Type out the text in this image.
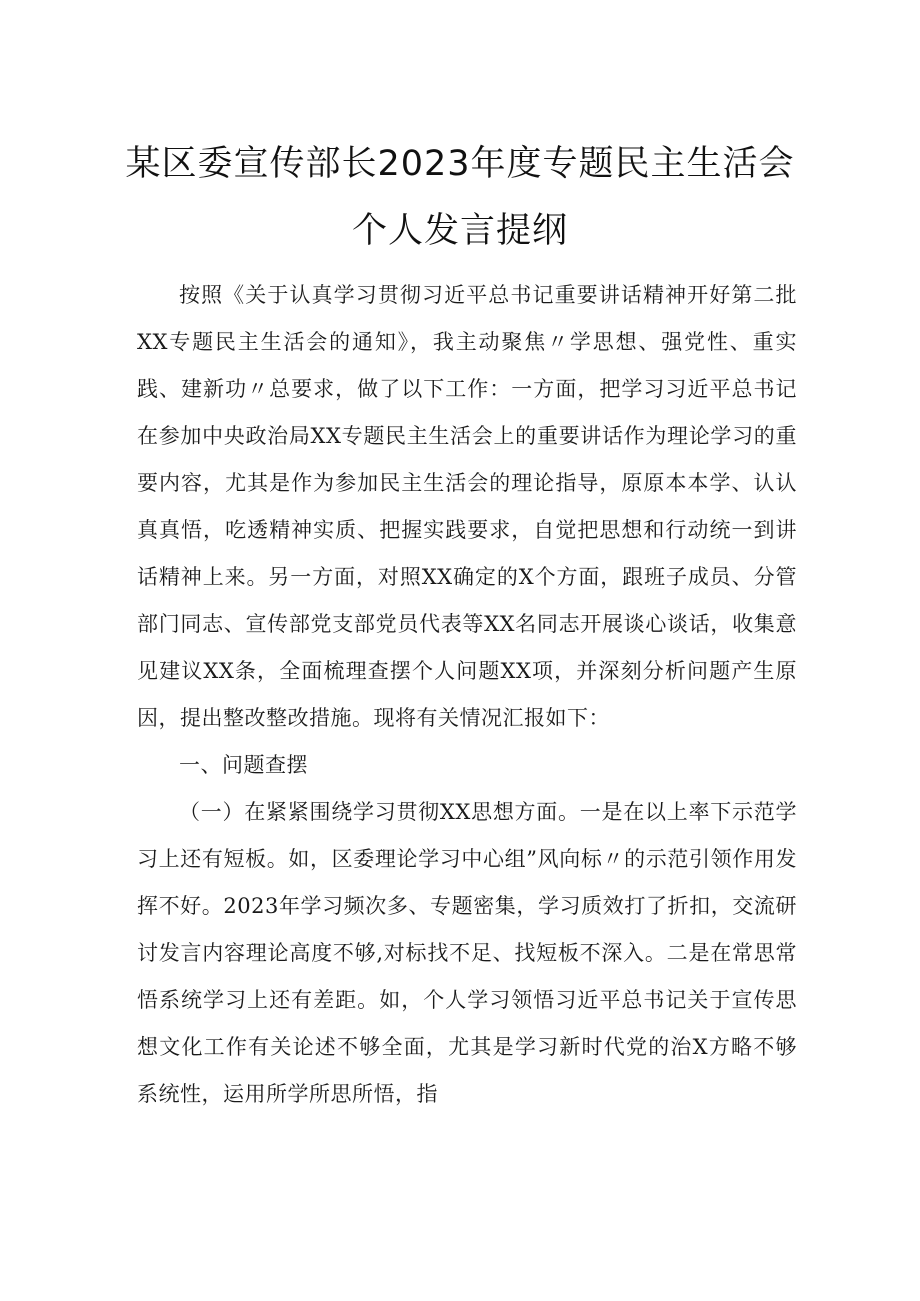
某区委宣传部长2023年度专题民主生活会
个人发言提纲

按照《关于认真学习贯彻习近平总书记重要讲话精神开好第二批XX专题民主生活会的通知》，我主动聚焦〃学思想、强党性、重实践、建新功〃总要求，做了以下工作：一方面，把学习习近平总书记在参加中央政治局XX专题民主生活会上的重要讲话作为理论学习的重要内容，尤其是作为参加民主生活会的理论指导，原原本本学、认认真真悟，吃透精神实质、把握实践要求，自觉把思想和行动统一到讲话精神上来。另一方面，对照XX确定的X个方面，跟班子成员、分管部门同志、宣传部党支部党员代表等XX名同志开展谈心谈话，收集意见建议XX条，全面梳理查摆个人问题XX项，并深刻分析问题产生原因，提出整改整改措施。现将有关情况汇报如下：

一、问题查摆

（一）在紧紧围绕学习贯彻XX思想方面。一是在以上率下示范学习上还有短板。如，区委理论学习中心组”风向标〃的示范引领作用发挥不好。2023年学习频次多、专题密集，学习质效打了折扣，交流研讨发言内容理论高度不够,对标找不足、找短板不深入。二是在常思常悟系统学习上还有差距。如，个人学习领悟习近平总书记关于宣传思想文化工作有关论述不够全面，尤其是学习新时代党的治X方略不够系统性，运用所学所思所悟，指
